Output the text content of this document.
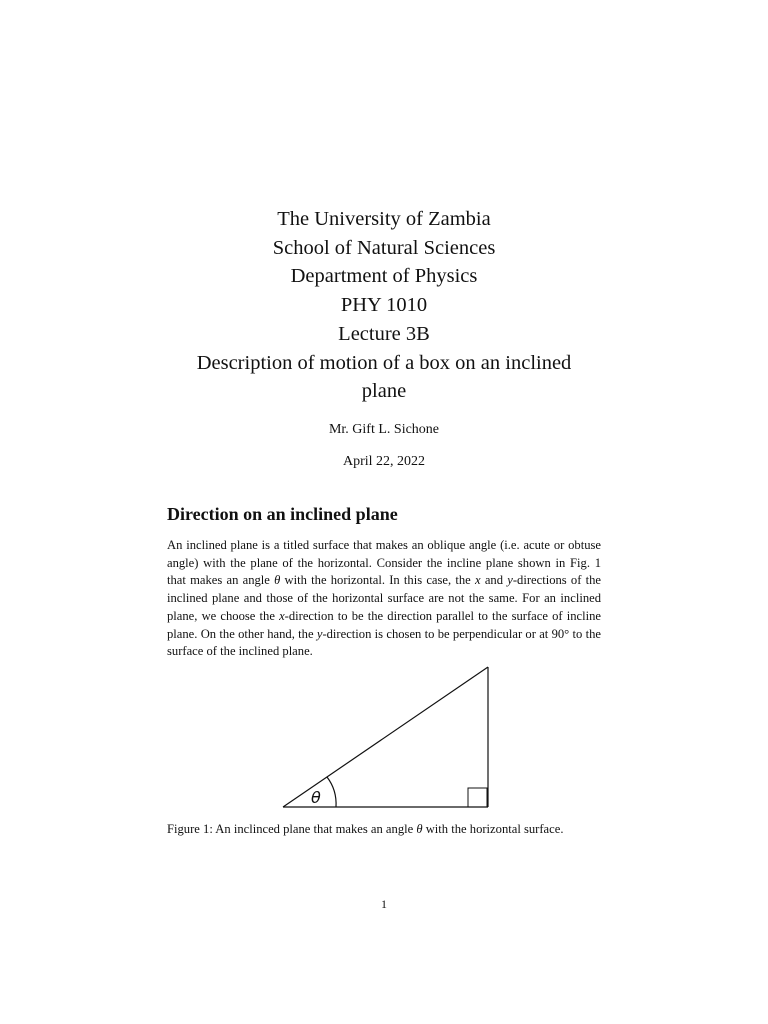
The University of Zambia
School of Natural Sciences
Department of Physics
PHY 1010
Lecture 3B
Description of motion of a box on an inclined
plane
Mr. Gift L. Sichone
April 22, 2022
Direction on an inclined plane
An inclined plane is a titled surface that makes an oblique angle (i.e. acute or obtuse angle) with the plane of the horizontal. Consider the incline plane shown in Fig. 1 that makes an angle θ with the horizontal. In this case, the x and y-directions of the inclined plane and those of the horizontal surface are not the same. For an inclined plane, we choose the x-direction to be the direction parallel to the surface of incline plane. On the other hand, the y-direction is chosen to be perpendicular or at 90° to the surface of the inclined plane.
θ
Figure 1: An inclinced plane that makes an angle θ with the horizontal surface.
1
